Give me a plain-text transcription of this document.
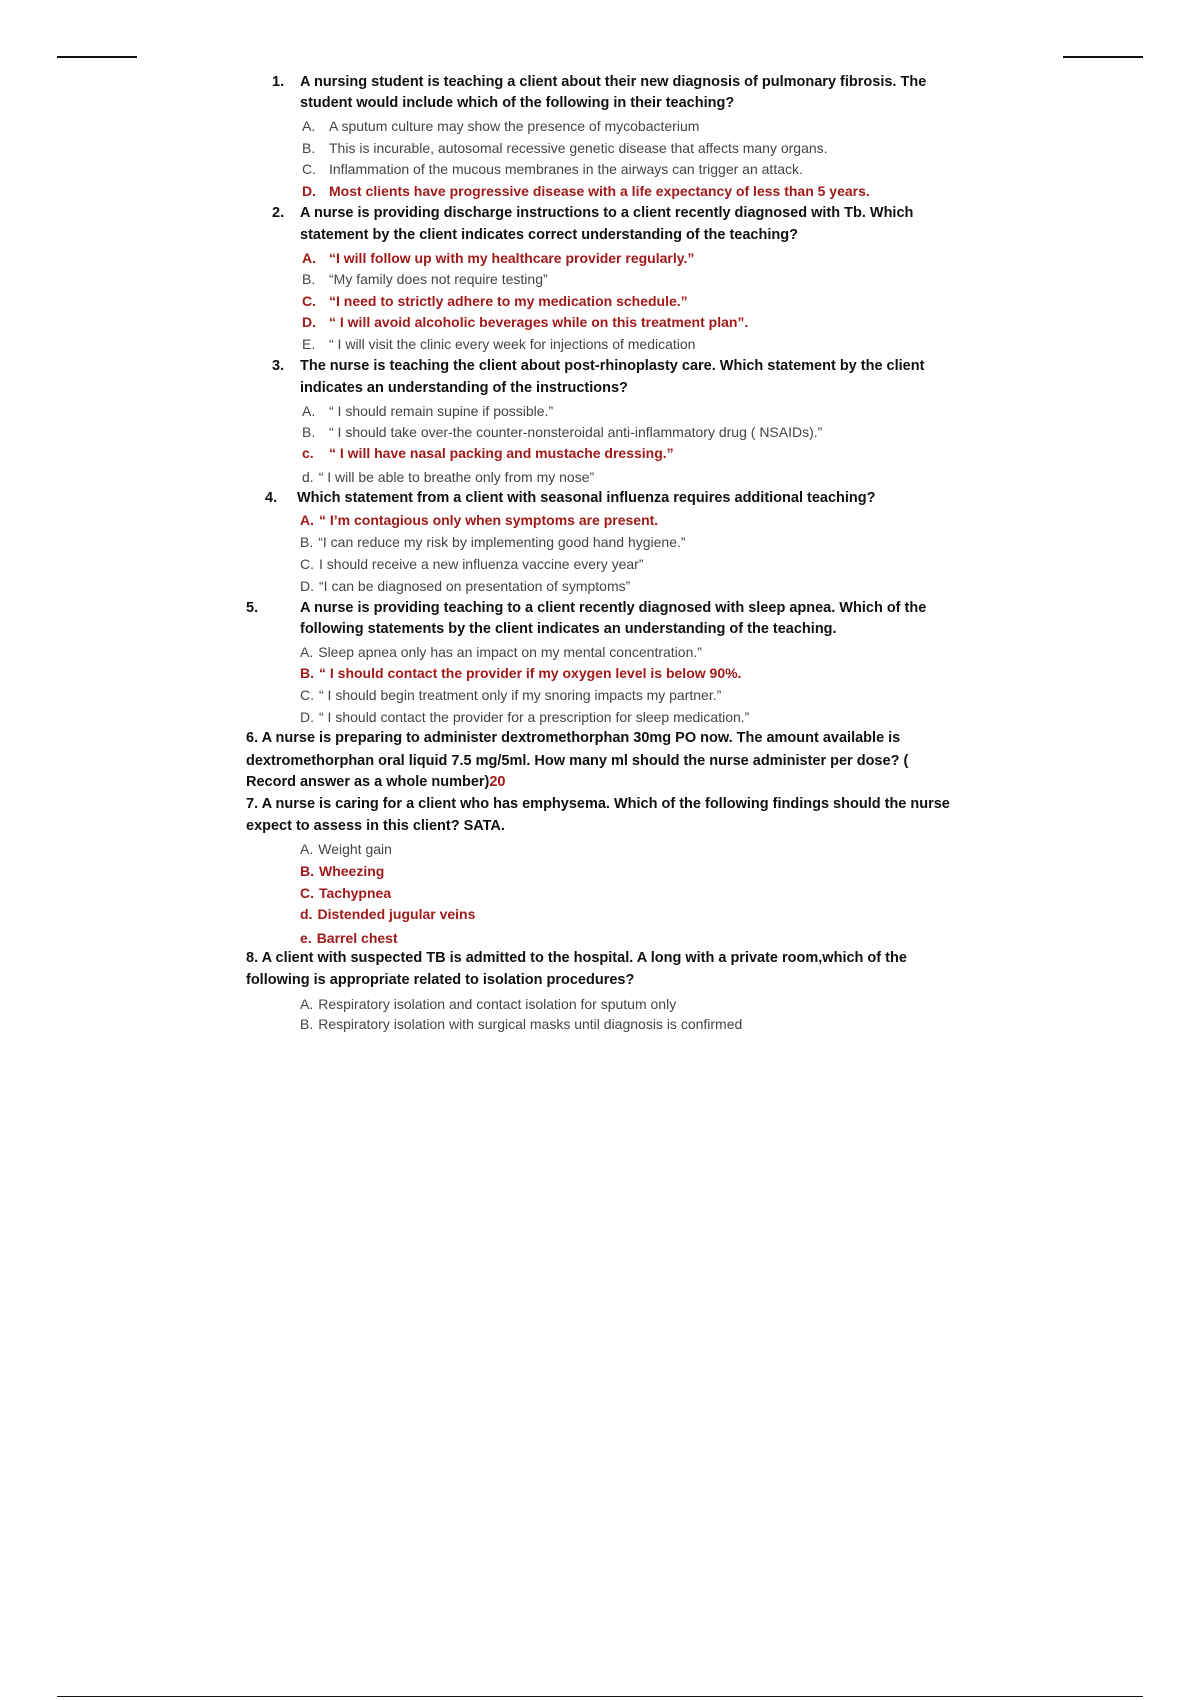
1. A nursing student is teaching a client about their new diagnosis of pulmonary fibrosis. The
student would include which of the following in their teaching?
A. A sputum culture may show the presence of mycobacterium
B. This is incurable, autosomal recessive genetic disease that affects many organs.
C. Inflammation of the mucous membranes in the airways can trigger an attack.
D. Most clients have progressive disease with a life expectancy of less than 5 years.
2. A nurse is providing discharge instructions to a client recently diagnosed with Tb. Which
statement by the client indicates correct understanding of the teaching?
A. “I will follow up with my healthcare provider regularly.”
B. “My family does not require testing”
C. “I need to strictly adhere to my medication schedule.”
D. “ I will avoid alcoholic beverages while on this treatment plan”.
E. “ I will visit the clinic every week for injections of medication
3. The nurse is teaching the client about post-rhinoplasty care. Which statement by the client
indicates an understanding of the instructions?
A. “ I should remain supine if possible.”
B. “ I should take over-the counter-nonsteroidal anti-inflammatory drug ( NSAIDs).”
c. “ I will have nasal packing and mustache dressing.”
d. “ I will be able to breathe only from my nose”
4. Which statement from a client with seasonal influenza requires additional teaching?
A. “ I’m contagious only when symptoms are present.
B. “I can reduce my risk by implementing good hand hygiene.”
C. I should receive a new influenza vaccine every year”
D. “I can be diagnosed on presentation of symptoms”
5.	A nurse is providing teaching to a client recently diagnosed with sleep apnea. Which of the
following statements by the client indicates an understanding of the teaching.
A. Sleep apnea only has an impact on my mental concentration.”
B. “ I should contact the provider if my oxygen level is below 90%.
C. “ I should begin treatment only if my snoring impacts my partner.”
D. “ I should contact the provider for a prescription for sleep medication.”
6. A nurse is preparing to administer dextromethorphan 30mg PO now. The amount available is
dextromethorphan oral liquid 7.5 mg/5ml. How many ml should the nurse administer per dose? (
Record answer as a whole number)20
7. A nurse is caring for a client who has emphysema. Which of the following findings should the nurse
expect to assess in this client? SATA.
A. Weight gain
B. Wheezing
C. Tachypnea
d. Distended jugular veins
e. Barrel chest
8. A client with suspected TB is admitted to the hospital. A long with a private room,which of the
following is appropriate related to isolation procedures?
A. Respiratory isolation and contact isolation for sputum only
B. Respiratory isolation with surgical masks until diagnosis is confirmed
